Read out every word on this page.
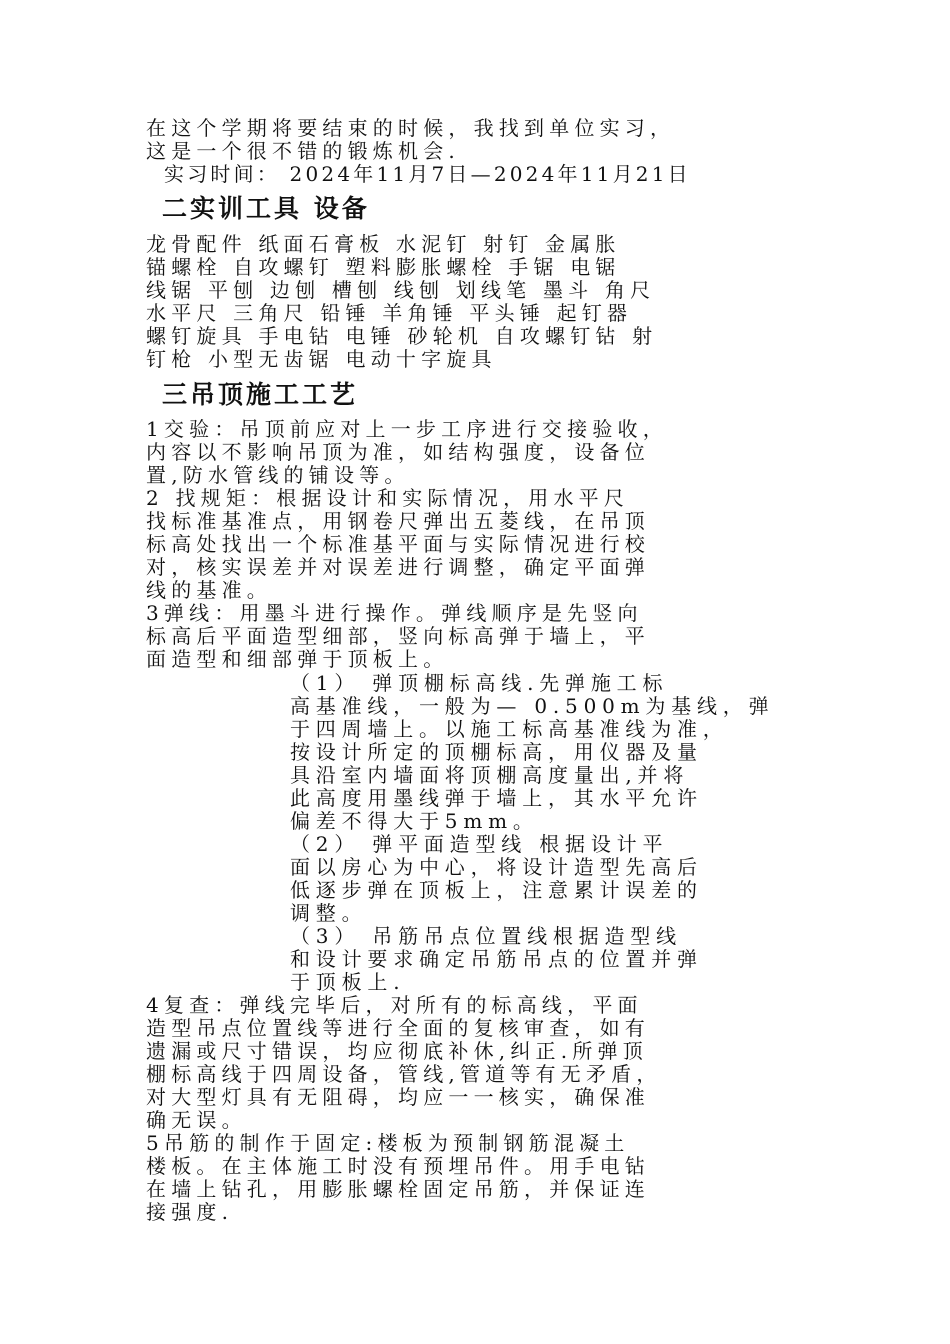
在这个学期将要结束的时候，我找到单位实习，
这是一个很不错的锻炼机会.
实习时间： 2024年11月7日—2024年11月21日
二实训工具 设备
龙骨配件 纸面石膏板 水泥钉 射钉 金属胀
锚螺栓 自攻螺钉 塑料膨胀螺栓 手锯 电锯
线锯 平刨 边刨 槽刨 线刨 划线笔 墨斗 角尺
水平尺 三角尺 铅锤 羊角锤 平头锤 起钉器
螺钉旋具 手电钻 电锤 砂轮机 自攻螺钉钻 射
钉枪 小型无齿锯 电动十字旋具
三吊顶施工工艺
1交验：吊顶前应对上一步工序进行交接验收，
内容以不影响吊顶为准，如结构强度，设备位
置,防水管线的铺设等。
2 找规矩：根据设计和实际情况，用水平尺
找标准基准点，用钢卷尺弹出五菱线，在吊顶
标高处找出一个标准基平面与实际情况进行校
对，核实误差并对误差进行调整，确定平面弹
线的基准。
3弹线：用墨斗进行操作。弹线顺序是先竖向
标高后平面造型细部，竖向标高弹于墙上，平
面造型和细部弹于顶板上。
（1） 弹顶棚标高线.先弹施工标
高基准线，一般为— 0.500m为基线，弹
于四周墙上。以施工标高基准线为准，
按设计所定的顶棚标高，用仪器及量
具沿室内墙面将顶棚高度量出,并将
此高度用墨线弹于墙上，其水平允许
偏差不得大于5mm。
（2） 弹平面造型线 根据设计平
面以房心为中心，将设计造型先高后
低逐步弹在顶板上，注意累计误差的
调整。
（3） 吊筋吊点位置线根据造型线
和设计要求确定吊筋吊点的位置并弹
于顶板上.
4复查：弹线完毕后，对所有的标高线，平面
造型吊点位置线等进行全面的复核审查，如有
遗漏或尺寸错误，均应彻底补休,纠正.所弹顶
棚标高线于四周设备，管线,管道等有无矛盾，
对大型灯具有无阻碍，均应一一核实，确保准
确无误。
5吊筋的制作于固定:楼板为预制钢筋混凝土
楼板。在主体施工时没有预埋吊件。用手电钻
在墙上钻孔，用膨胀螺栓固定吊筋，并保证连
接强度.
